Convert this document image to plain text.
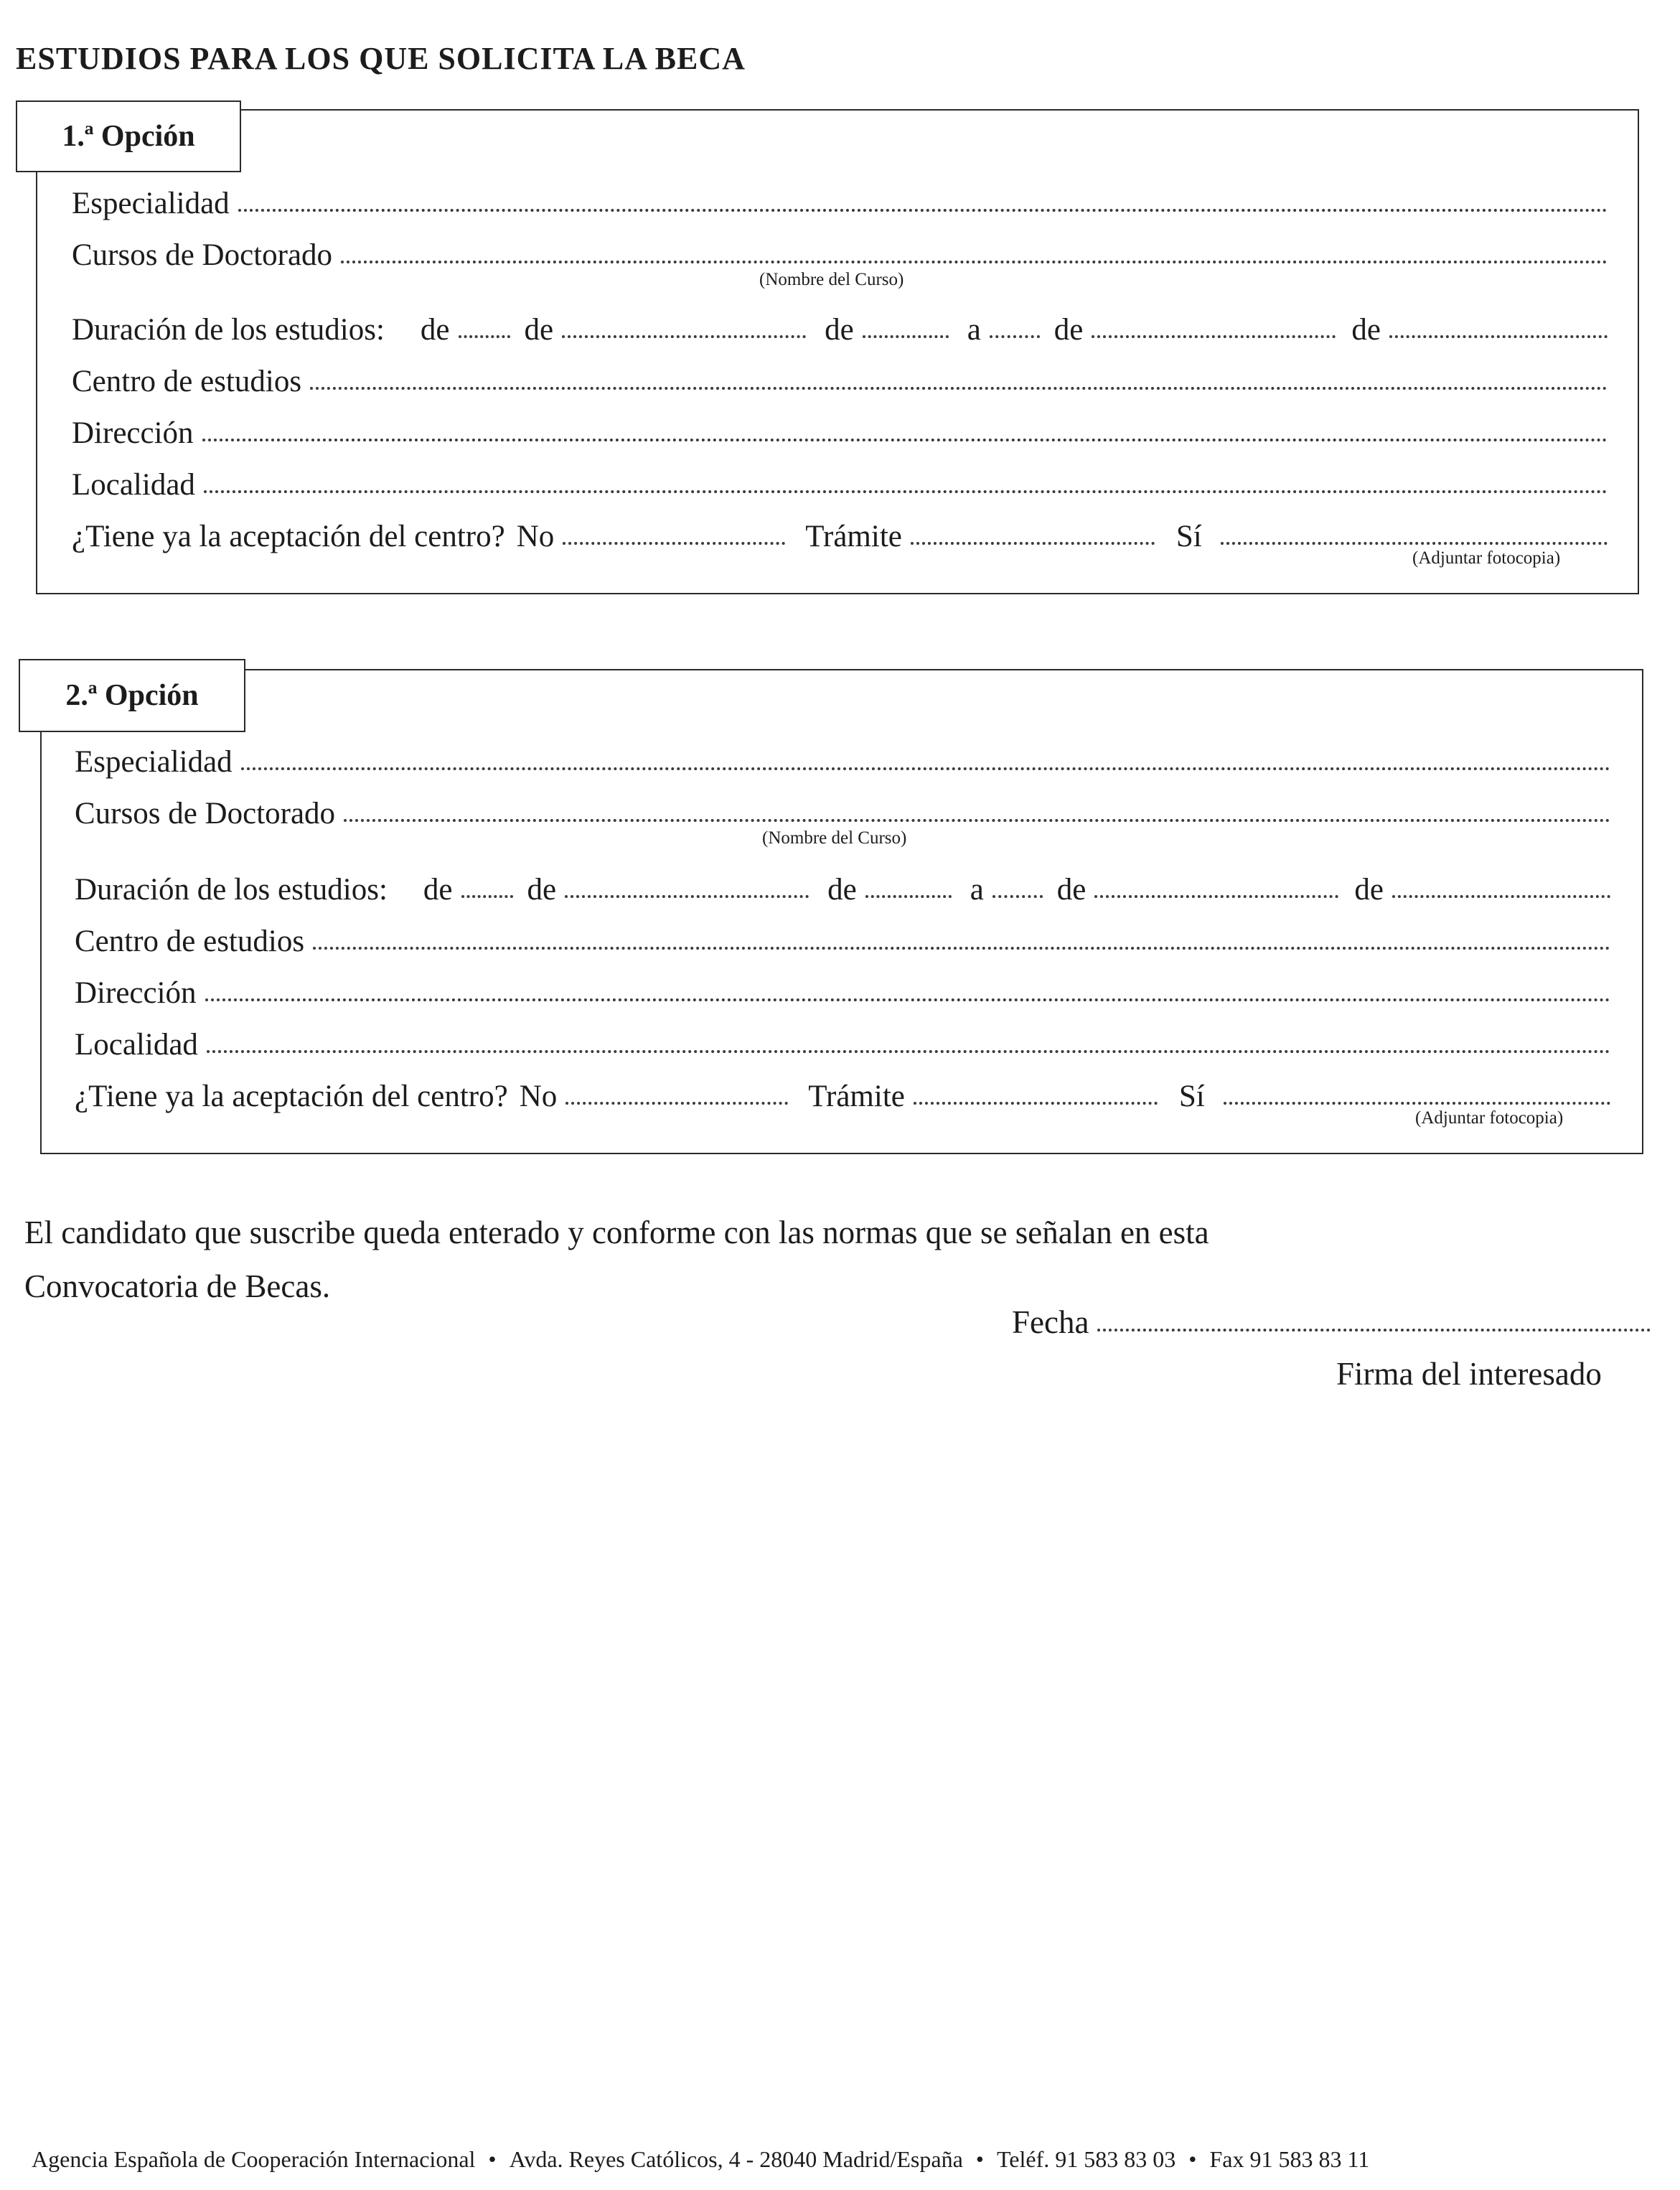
ESTUDIOS PARA LOS QUE SOLICITA LA BECA
1.ª Opción
Especialidad
Cursos de Doctorado
(Nombre del Curso)
Duración de los estudios: de de	de	a de	de
Centro de estudios
Dirección
Localidad
¿Tiene ya la aceptación del centro? No	Trámite	Sí
(Adjuntar fotocopia)
2.ª Opción
Especialidad
Cursos de Doctorado
(Nombre del Curso)
Duración de los estudios: de de	de	a de	de
Centro de estudios
Dirección
Localidad
¿Tiene ya la aceptación del centro? No	Trámite	Sí
(Adjuntar fotocopia)
El candidato que suscribe queda enterado y conforme con las normas que se señalan en esta
Convocatoria de Becas.
Fecha
Firma del interesado
Agencia Española de Cooperación Internacional • Avda. Reyes Católicos, 4 - 28040 Madrid/España • Teléf. 91 583 83 03 • Fax 91 583 83 11
